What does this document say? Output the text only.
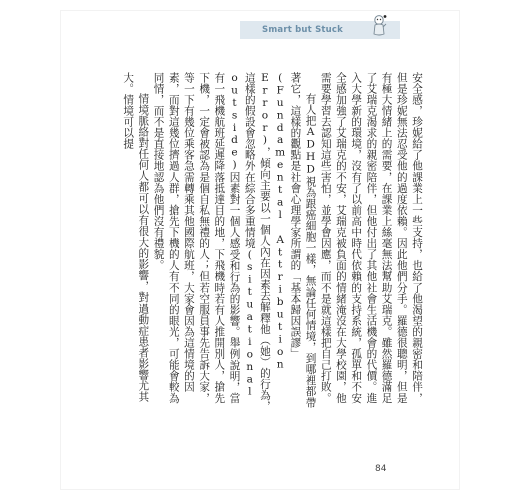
Smart but Stuck

安全感，珍妮給了他課業上一些支持，也給了他渴望的親密和陪伴，但是珍妮無法忍受他的過度依賴。因此他們分手。羅德很聰明，但是有極大情緒上的需要，在課業上絲毫無法幫助艾瑞克。雖然羅德滿足了艾瑞克渴求的親密陪伴，但他付出了其他社會生活機會的代價。進入大學新的環境，沒有了以前高中時代依賴的支持系統，孤單和不安全感加強了艾瑞克的不安，艾瑞克被負面的情緒淹沒在大學校園，他需要學習去認知這些害怕，並學會因應，而不是就這樣把自己打敗。

有人把ADHD視為跟癌細胞一樣，無論任何情境，到哪裡都帶著它，這樣的觀點是社會心理學家所謂的「基本歸因誤謬」(Fundamental Attribution Error)，傾向主要以一個人內在因素去解釋他（她）的行為，這樣的假設會忽略外在綜合多重情境(situational outside)因素對一個人感受和行為的影響。舉例說明，當有一飛機航班延遲降落抵達目的地，下飛機時若有人推開別人，搶先下機，一定會被認為是個自私無禮的人；但若空服員事先告訴大家，等一下有幾位乘客急需轉乘其他國際航班，大家會因為這情境的因素，而對這幾位擠過人群，搶先下機的人有不同的眼光，可能會較為同情，而不是直接地認為他們沒有禮貌。

情境脈絡對任何人都可以有很大的影響，對過動症患者影響尤其大。情境可以提

84
